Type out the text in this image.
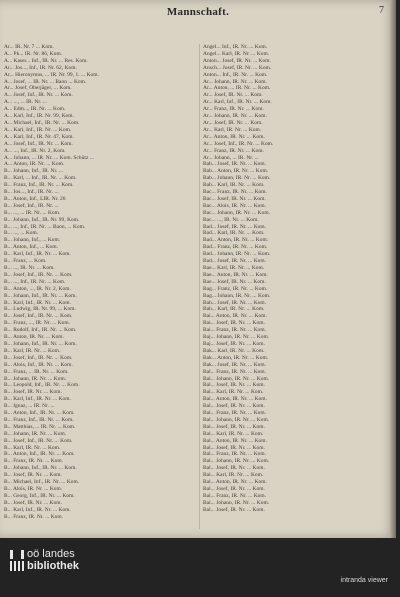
Mannschaft.	7
Ar... IR. Nr. 7 ... Kom.
A... Pk... IR. Nr. 86, Kom.
A... Kaser... Inf., IR. Nr. ... Res. Kom.
Ar... Jos..., Inf., IR. Nr. 62, Kom.
Ar... Hieronymus, ... IR. Nr. 99, 1. ... Kom.
A... Josef, ... IR. Nr. ... Baon ... Kom.
Ar... Josef, Oberjäger, ... Kom.
A... Josef, Inf., IR. Nr. ... Kom.
A... ..., ... IR. Nr. ...
A... Edm..., IR. Nr. ... Kom.
A... Karl, Inf., IR. Nr. 99, Kom.
A... Michael, Inf., IR. Nr. ... Kom.
A... Karl, Inf., IR. Nr. ... Kom.
A... Karl, Inf., IR. Nr. 47, Kom.
A... Josef, Inf., IR. Nr. ... Kom.
A... ..., Inf., IR. Nr. 2, Kom.
A... Johann, ... IR. Nr. ... Kom. Schütz ...
A... Anton, IR. Nr. ... Kom.
B... Johann, Inf., IR. Nr. ...
B... Karl, ... Inf., IR. Nr. ... Kom.
B... Franz, Inf., IR. Nr. ... Kom.
B... Jos..., Inf., IR. Nr. ...
B... Anton, Inf., LIR. Nr. 26
B... Josef, Inf., IR. Nr. ...
B... ..., ... IR. Nr. ... Kom.
B... Johann, Inf., IR. Nr. 99, Kom.
B... ..., Inf., IR. Nr. ... Baon, ... Kom.
B... ..., ... Kom.
B... Johann, Inf., ... Kom.
B... Anton, Inf., ... Kom.
B... Karl, Inf., IR. Nr. ... Kom.
B... Franz, ... Kom.
B... ..., IR. Nr. ... Kom.
B... Josef, Inf., IR. Nr. ... Kom.
B... ..., Inf., IR. Nr. ... Kom.
B... Anton, ..., IR. Nr. 2, Kom.
B... Johann, Inf., IR. Nr. ... Kom.
B... Karl, Inf., IR. Nr. ... Kom.
B... Ludwig, IR. Nr. 99, ... Kom.
B... Josef, Inf., IR. Nr. ... Kom.
B... Franz, ..., IR. Nr. ... Kom.
B... Rudolf, Inf., IR. Nr. ... Kom.
B... Anton, IR. Nr. ... Kom.
B... Johann, Inf., IR. Nr. ... Kom.
B... Karl, IR. Nr. ... Kom.
B... Josef, Inf., IR. Nr. ... Kom.
B... Alois, Inf., IR. Nr. ... Kom.
B... Franz, ... IR. Nr. ... Kom.
B... Johann, IR. Nr. ... Kom.
B... Leopold, Inf., IR. Nr. ... Kom.
B... Josef, IR. Nr. ... Kom.
B... Karl, Inf., IR. Nr. ... Kom.
B... Ignaz, ... IR. Nr. ...
B... Anton, Inf., IR. Nr. ... Kom.
B... Franz, Inf., IR. Nr. ... Kom.
B... Matthias, ... IR. Nr. ... Kom.
B... Johann, IR. Nr. ... Kom.
B... Josef, Inf., IR. Nr. ... Kom.
B... Karl, IR. Nr. ... Kom.
B... Anton, Inf., IR. Nr. ... Kom.
B... Franz, IR. Nr. ... Kom.
B... Johann, Inf., IR. Nr. ... Kom.
B... Josef, IR. Nr. ... Kom.
B... Michael, Inf., IR. Nr. ... Kom.
B... Alois, IR. Nr. ... Kom.
B... Georg, Inf., IR. Nr. ... Kom.
B... Josef, IR. Nr. ... Kom.
B... Karl, Inf., IR. Nr. ... Kom.
B... Franz, IR. Nr. ... Kom.
Angel... Inf., IR. Nr. ... Kom.
Angel... Karl, IR. Nr. ... Kom.
Anton... Josef, IR. Nr. ... Kom.
Ansch... Josef, IR. Nr. ... Kom.
Anton... Inf., IR. Nr. ... Kom.
Ar... Johann, IR. Nr. ... Kom.
Ar... Anton, ... IR. Nr. ... Kom.
Ar... Josef, IR. Nr. ... Kom.
Ar... Karl, Inf., IR. Nr. ... Kom.
Ar... Franz, IR. Nr. ... Kom.
Ar... Johann, IR. Nr. ... Kom.
Ar... Josef, IR. Nr. ... Kom.
Ar... Karl, IR. Nr. ... Kom.
Ar... Anton, IR. Nr. ... Kom.
Ar... Josef, Inf., IR. Nr. ... Kom.
Ar... Franz, IR. Nr. ... Kom.
Ar... Johann, ... IR. Nr. ...
Bab... Josef, IR. Nr. ... Kom.
Bab... Anton, IR. Nr. ... Kom.
Bab... Johann, IR. Nr. ... Kom.
Bab... Karl, IR. Nr. ... Kom.
Bac... Franz, IR. Nr. ... Kom.
Bac... Josef, IR. Nr. ... Kom.
Bac... Alois, IR. Nr. ... Kom.
Bac... Johann, IR. Nr. ... Kom.
Bac... ..., IR. Nr. ... Kom.
Bad... Josef, IR. Nr. ... Kom.
Bad... Karl, IR. Nr. ... Kom.
Bad... Anton, IR. Nr. ... Kom.
Bad... Franz, IR. Nr. ... Kom.
Bad... Johann, IR. Nr. ... Kom.
Bad... Josef, IR. Nr. ... Kom.
Bae... Karl, IR. Nr. ... Kom.
Bae... Anton, IR. Nr. ... Kom.
Bae... Josef, IR. Nr. ... Kom.
Bag... Franz, IR. Nr. ... Kom.
Bag... Johann, IR. Nr. ... Kom.
Bah... Josef, IR. Nr. ... Kom.
Bah... Karl, IR. Nr. ... Kom.
Bai... Anton, IR. Nr. ... Kom.
Bai... Josef, IR. Nr. ... Kom.
Bai... Franz, IR. Nr. ... Kom.
Baj... Johann, IR. Nr. ... Kom.
Baj... Josef, IR. Nr. ... Kom.
Bak... Karl, IR. Nr. ... Kom.
Bak... Anton, IR. Nr. ... Kom.
Bak... Josef, IR. Nr. ... Kom.
Bal... Franz, IR. Nr. ... Kom.
Bal... Johann, IR. Nr. ... Kom.
Bal... Josef, IR. Nr. ... Kom.
Bal... Karl, IR. Nr. ... Kom.
Bal... Anton, IR. Nr. ... Kom.
Bal... Josef, IR. Nr. ... Kom.
Bal... Franz, IR. Nr. ... Kom.
Bal... Johann, IR. Nr. ... Kom.
Bal... Josef, IR. Nr. ... Kom.
Bal... Karl, IR. Nr. ... Kom.
Bal... Anton, IR. Nr. ... Kom.
Bal... Josef, IR. Nr. ... Kom.
Bal... Franz, IR. Nr. ... Kom.
Bal... Johann, IR. Nr. ... Kom.
Bal... Josef, IR. Nr. ... Kom.
Bal... Karl, IR. Nr. ... Kom.
Bal... Anton, IR. Nr. ... Kom.
Bal... Josef, IR. Nr. ... Kom.
Bal... Franz, IR. Nr. ... Kom.
Bal... Johann, IR. Nr. ... Kom.
Bal... Josef, IR. Nr. ... Kom.
oö landes
bibliothek
intranda viewer
